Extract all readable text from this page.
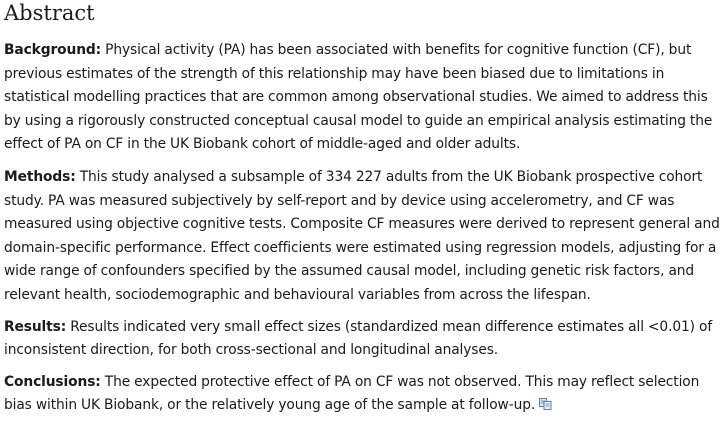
Abstract

Background: Physical activity (PA) has been associated with benefits for cognitive function (CF), but previous estimates of the strength of this relationship may have been biased due to limitations in statistical modelling practices that are common among observational studies. We aimed to address this by using a rigorously constructed conceptual causal model to guide an empirical analysis estimating the effect of PA on CF in the UK Biobank cohort of middle-aged and older adults.

Methods: This study analysed a subsample of 334 227 adults from the UK Biobank prospective cohort study. PA was measured subjectively by self-report and by device using accelerometry, and CF was measured using objective cognitive tests. Composite CF measures were derived to represent general and domain-specific performance. Effect coefficients were estimated using regression models, adjusting for a wide range of confounders specified by the assumed causal model, including genetic risk factors, and relevant health, sociodemographic and behavioural variables from across the lifespan.

Results: Results indicated very small effect sizes (standardized mean difference estimates all <0.01) of inconsistent direction, for both cross-sectional and longitudinal analyses.

Conclusions: The expected protective effect of PA on CF was not observed. This may reflect selection bias within UK Biobank, or the relatively young age of the sample at follow-up.
